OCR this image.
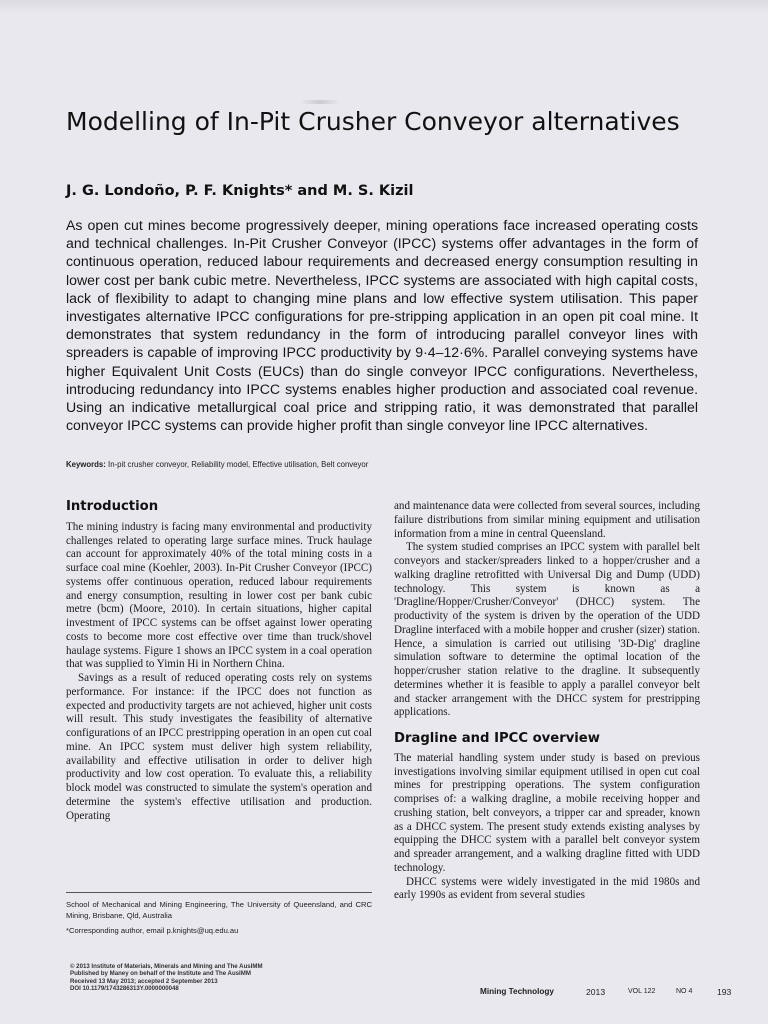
Modelling of In-Pit Crusher Conveyor alternatives

J. G. Londoño, P. F. Knights* and M. S. Kizil

As open cut mines become progressively deeper, mining operations face increased operating costs and technical challenges. In-Pit Crusher Conveyor (IPCC) systems offer advantages in the form of continuous operation, reduced labour requirements and decreased energy consumption resulting in lower cost per bank cubic metre. Nevertheless, IPCC systems are associated with high capital costs, lack of flexibility to adapt to changing mine plans and low effective system utilisation. This paper investigates alternative IPCC configurations for pre-stripping application in an open pit coal mine. It demonstrates that system redundancy in the form of introducing parallel conveyor lines with spreaders is capable of improving IPCC productivity by 9·4–12·6%. Parallel conveying systems have higher Equivalent Unit Costs (EUCs) than do single conveyor IPCC configurations. Nevertheless, introducing redundancy into IPCC systems enables higher production and associated coal revenue. Using an indicative metallurgical coal price and stripping ratio, it was demonstrated that parallel conveyor IPCC systems can provide higher profit than single conveyor line IPCC alternatives.

Keywords: In-pit crusher conveyor, Reliability model, Effective utilisation, Belt conveyor
Introduction

The mining industry is facing many environmental and productivity challenges related to operating large surface mines. Truck haulage can account for approximately 40% of the total mining costs in a surface coal mine (Koehler, 2003). In-Pit Crusher Conveyor (IPCC) systems offer continuous operation, reduced labour requirements and energy consumption, resulting in lower cost per bank cubic metre (bcm) (Moore, 2010). In certain situations, higher capital investment of IPCC systems can be offset against lower operating costs to become more cost effective over time than truck/shovel haulage systems. Figure 1 shows an IPCC system in a coal operation that was supplied to Yimin Hi in Northern China.

Savings as a result of reduced operating costs rely on systems performance. For instance: if the IPCC does not function as expected and productivity targets are not achieved, higher unit costs will result. This study investigates the feasibility of alternative configurations of an IPCC prestripping operation in an open cut coal mine. An IPCC system must deliver high system reliability, availability and effective utilisation in order to deliver high productivity and low cost operation. To evaluate this, a reliability block model was constructed to simulate the system's operation and determine the system's effective utilisation and production. Operating

and maintenance data were collected from several sources, including failure distributions from similar mining equipment and utilisation information from a mine in central Queensland.

The system studied comprises an IPCC system with parallel belt conveyors and stacker/spreaders linked to a hopper/crusher and a walking dragline retrofitted with Universal Dig and Dump (UDD) technology. This system is known as a 'Dragline/Hopper/Crusher/Conveyor' (DHCC) system. The productivity of the system is driven by the operation of the UDD Dragline interfaced with a mobile hopper and crusher (sizer) station. Hence, a simulation is carried out utilising '3D-Dig' dragline simulation software to determine the optimal location of the hopper/crusher station relative to the dragline. It subsequently determines whether it is feasible to apply a parallel conveyor belt and stacker arrangement with the DHCC system for prestripping applications.

Dragline and IPCC overview

The material handling system under study is based on previous investigations involving similar equipment utilised in open cut coal mines for prestripping operations. The system configuration comprises of: a walking dragline, a mobile receiving hopper and crushing station, belt conveyors, a tripper car and spreader, known as a DHCC system. The present study extends existing analyses by equipping the DHCC system with a parallel belt conveyor system and spreader arrangement, and a walking dragline fitted with UDD technology.

DHCC systems were widely investigated in the mid 1980s and early 1990s as evident from several studies

School of Mechanical and Mining Engineering, The University of Queensland, and CRC Mining, Brisbane, Qld, Australia
*Corresponding author, email p.knights@uq.edu.au
© 2013 Institute of Materials, Minerals and Mining and The AusIMM
Published by Maney on behalf of the Institute and The AusIMM
Received 13 May 2013; accepted 2 September 2013
DOI 10.1179/1743286313Y.0000000048	Mining Technology	2013	VOL 122	NO 4	193
